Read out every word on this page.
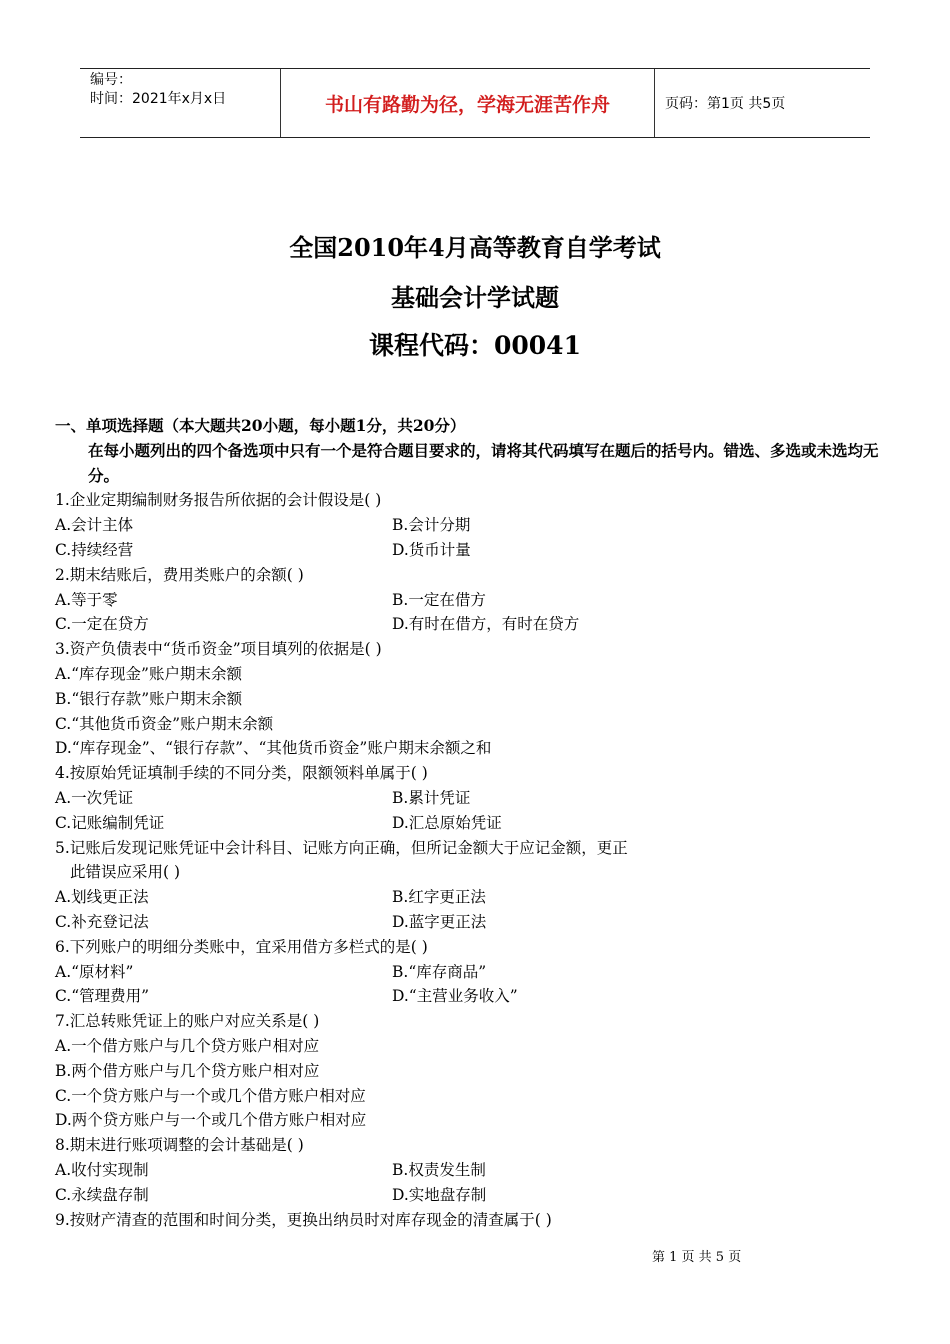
编号：
时间：2021年x月x日	书山有路勤为径，学海无涯苦作舟	页码：第1页 共5页
全国2010年4月高等教育自学考试
基础会计学试题
课程代码：00041
一、单项选择题（本大题共20小题，每小题1分，共20分）
在每小题列出的四个备选项中只有一个是符合题目要求的，请将其代码填写在题后的括号内。错选、多选或未选均无分。
1.企业定期编制财务报告所依据的会计假设是( )
A.会计主体	B.会计分期
C.持续经营	D.货币计量
2.期末结账后，费用类账户的余额( )
A.等于零	B.一定在借方
C.一定在贷方	D.有时在借方，有时在贷方
3.资产负债表中“货币资金”项目填列的依据是( )
A.“库存现金”账户期末余额
B.“银行存款”账户期末余额
C.“其他货币资金”账户期末余额
D.“库存现金”、“银行存款”、“其他货币资金”账户期末余额之和
4.按原始凭证填制手续的不同分类，限额领料单属于( )
A.一次凭证	B.累计凭证
C.记账编制凭证	D.汇总原始凭证
5.记账后发现记账凭证中会计科目、记账方向正确，但所记金额大于应记金额，更正
此错误应采用( )
A.划线更正法	B.红字更正法
C.补充登记法	D.蓝字更正法
6.下列账户的明细分类账中，宜采用借方多栏式的是( )
A.“原材料”	B.“库存商品”
C.“管理费用”	D.“主营业务收入”
7.汇总转账凭证上的账户对应关系是( )
A.一个借方账户与几个贷方账户相对应
B.两个借方账户与几个贷方账户相对应
C.一个贷方账户与一个或几个借方账户相对应
D.两个贷方账户与一个或几个借方账户相对应
8.期末进行账项调整的会计基础是( )
A.收付实现制	B.权责发生制
C.永续盘存制	D.实地盘存制
9.按财产清查的范围和时间分类，更换出纳员时对库存现金的清查属于( )
第 1 页 共 5 页
